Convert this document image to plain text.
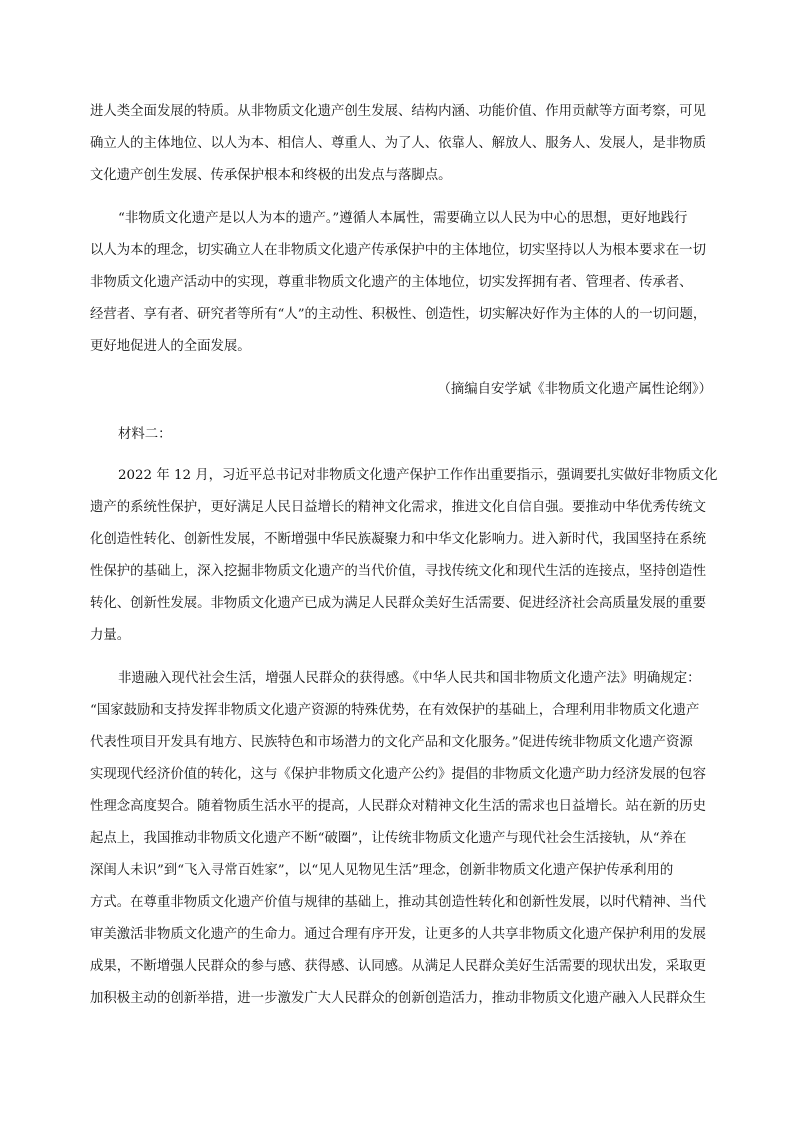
进人类全面发展的特质。从非物质文化遗产创生发展、结构内涵、功能价值、作用贡献等方面考察，可见
确立人的主体地位、以人为本、相信人、尊重人、为了人、依靠人、解放人、服务人、发展人，是非物质
文化遗产创生发展、传承保护根本和终极的出发点与落脚点。
“非物质文化遗产是以人为本的遗产。”遵循人本属性，需要确立以人民为中心的思想，更好地践行
以人为本的理念，切实确立人在非物质文化遗产传承保护中的主体地位，切实坚持以人为根本要求在一切
非物质文化遗产活动中的实现，尊重非物质文化遗产的主体地位，切实发挥拥有者、管理者、传承者、
经营者、享有者、研究者等所有“人”的主动性、积极性、创造性，切实解决好作为主体的人的一切问题，
更好地促进人的全面发展。
（摘编自安学斌《非物质文化遗产属性论纲》）
材料二：
2022 年 12 月，习近平总书记对非物质文化遗产保护工作作出重要指示，强调要扎实做好非物质文化
遗产的系统性保护，更好满足人民日益增长的精神文化需求，推进文化自信自强。要推动中华优秀传统文
化创造性转化、创新性发展，不断增强中华民族凝聚力和中华文化影响力。进入新时代，我国坚持在系统
性保护的基础上，深入挖掘非物质文化遗产的当代价值，寻找传统文化和现代生活的连接点，坚持创造性
转化、创新性发展。非物质文化遗产已成为满足人民群众美好生活需要、促进经济社会高质量发展的重要
力量。
非遗融入现代社会生活，增强人民群众的获得感。《中华人民共和国非物质文化遗产法》明确规定：
“国家鼓励和支持发挥非物质文化遗产资源的特殊优势，在有效保护的基础上，合理利用非物质文化遗产
代表性项目开发具有地方、民族特色和市场潜力的文化产品和文化服务。”促进传统非物质文化遗产资源
实现现代经济价值的转化，这与《保护非物质文化遗产公约》提倡的非物质文化遗产助力经济发展的包容
性理念高度契合。随着物质生活水平的提高，人民群众对精神文化生活的需求也日益增长。站在新的历史
起点上，我国推动非物质文化遗产不断“破圈”，让传统非物质文化遗产与现代社会生活接轨，从“养在
深闺人未识”到“飞入寻常百姓家”，以“见人见物见生活”理念，创新非物质文化遗产保护传承利用的
方式。在尊重非物质文化遗产价值与规律的基础上，推动其创造性转化和创新性发展，以时代精神、当代
审美激活非物质文化遗产的生命力。通过合理有序开发，让更多的人共享非物质文化遗产保护利用的发展
成果，不断增强人民群众的参与感、获得感、认同感。从满足人民群众美好生活需要的现状出发，采取更
加积极主动的创新举措，进一步激发广大人民群众的创新创造活力，推动非物质文化遗产融入人民群众生
